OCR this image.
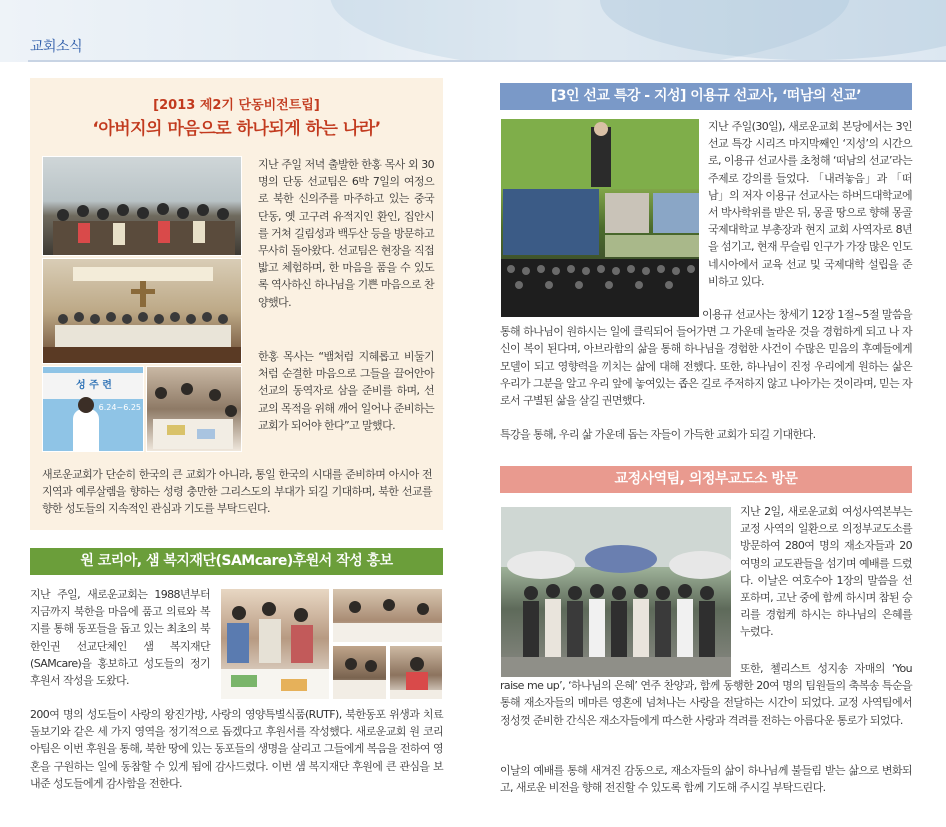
교회소식
[2013 제2기 단동비전트립]
‘아버지의 마음으로 하나되게 하는 나라’
성 주 련
6.24~6.25
지난 주일 저녁 출발한 한홍 목사 외 30명의 단동 선교팀은 6박 7일의 여정으로 북한 신의주를 마주하고 있는 중국 단동, 옛 고구려 유적지인 환인, 집안시를 거쳐 길림성과 백두산 등을 방문하고 무사히 돌아왔다. 선교팀은 현장을 직접 밟고 체험하며, 한 마음을 품을 수 있도록 역사하신 하나님을 기쁜 마음으로 찬양했다.
한홍 목사는 “뱀처럼 지혜롭고 비둘기처럼 순결한 마음으로 그들을 끌어안아 선교의 동역자로 삼을 준비를 하며, 선교의 목적을 위해 깨어 일어나 준비하는 교회가 되어야 한다”고 말했다.
새로운교회가 단순히 한국의 큰 교회가 아니라, 통일 한국의 시대를 준비하며 아시아 전 지역과 예루살렘을 향하는 성령 충만한 그리스도의 부대가 되길 기대하며, 북한 선교를 향한 성도들의 지속적인 관심과 기도를 부탁드린다.
원 코리아, 샘 복지재단(SAMcare)후원서 작성 홍보
지난 주일, 새로운교회는 1988년부터 지금까지 북한을 마음에 품고 의료와 복지를 통해 동포들을 돕고 있는 최초의 북한인권 선교단체인 샘 복지재단(SAMcare)을 홍보하고 성도들의 정기후원서 작성을 도왔다.
200여 명의 성도들이 사랑의 왕진가방, 사랑의 영양특별식품(RUTF), 북한동포 위생과 치료 돌보기와 같은 세 가지 영역을 정기적으로 돕겠다고 후원서를 작성했다. 새로운교회 원 코리아팀은 이번 후원을 통해, 북한 땅에 있는 동포들의 생명을 살리고 그들에게 복음을 전하여 영혼을 구원하는 일에 동참할 수 있게 됨에 감사드렸다. 이번 샘 복지재단 후원에 큰 관심을 보내준 성도들에게 감사함을 전한다.
[3인 선교 특강 - 지성] 이용규 선교사, ‘떠남의 선교’
지난 주일(30일), 새로운교회 본당에서는 3인 선교 특강 시리즈 마지막째인 ‘지성’의 시간으로, 이용규 선교사를 초청해 ‘떠남의 선교’라는 주제로 강의를 들었다. 「내려놓음」과 「떠남」의 저자 이용규 선교사는 하버드대학교에서 박사학위를 받은 뒤, 몽골 땅으로 향해 몽골국제대학교 부총장과 현지 교회 사역자로 8년을 섬기고, 현재 무슬림 인구가 가장 많은 인도네시아에서 교육 선교 및 국제대학 설립을 준비하고 있다.
이용규 선교사는 창세기 12장 1절~5절 말씀을 통해 하나님이 원하시는 일에 클릭되어 들어가면 그 가운데 놀라운 것을 경험하게 되고 나 자신이 복이 된다며, 아브라함의 삶을 통해 하나님을 경험한 사건이 수많은 믿음의 후예들에게 모델이 되고 영향력을 끼치는 삶에 대해 전했다. 또한, 하나님이 진정 우리에게 원하는 삶은 우리가 그분을 알고 우리 앞에 놓여있는 좁은 길로 주저하지 않고 나아가는 것이라며, 믿는 자로서 구별된 삶을 살길 권면했다.
특강을 통해, 우리 삶 가운데 돕는 자들이 가득한 교회가 되길 기대한다.
교정사역팀, 의정부교도소 방문
지난 2일, 새로운교회 여성사역본부는 교정 사역의 일환으로 의정부교도소를 방문하여 280여 명의 재소자들과 20여명의 교도관들을 섬기며 예배를 드렸다. 이날은 여호수아 1장의 말씀을 선포하며, 고난 중에 함께 하시며 참된 승리를 경험케 하시는 하나님의 은혜를 누렸다.
또한, 첼리스트 성지송 자매의 ‘You raise me up’, ‘하나님의 은혜’ 연주 찬양과, 함께 동행한 20여 명의 팀원들의 축복송 특순을 통해 재소자들의 메마른 영혼에 넘쳐나는 사랑을 전달하는 시간이 되었다. 교정 사역팀에서 정성껏 준비한 간식은 재소자들에게 따스한 사랑과 격려를 전하는 아름다운 통로가 되었다.
이날의 예배를 통해 새겨진 감동으로, 재소자들의 삶이 하나님께 불들림 받는 삶으로 변화되고, 새로운 비전을 향해 전진할 수 있도록 함께 기도해 주시길 부탁드린다.
